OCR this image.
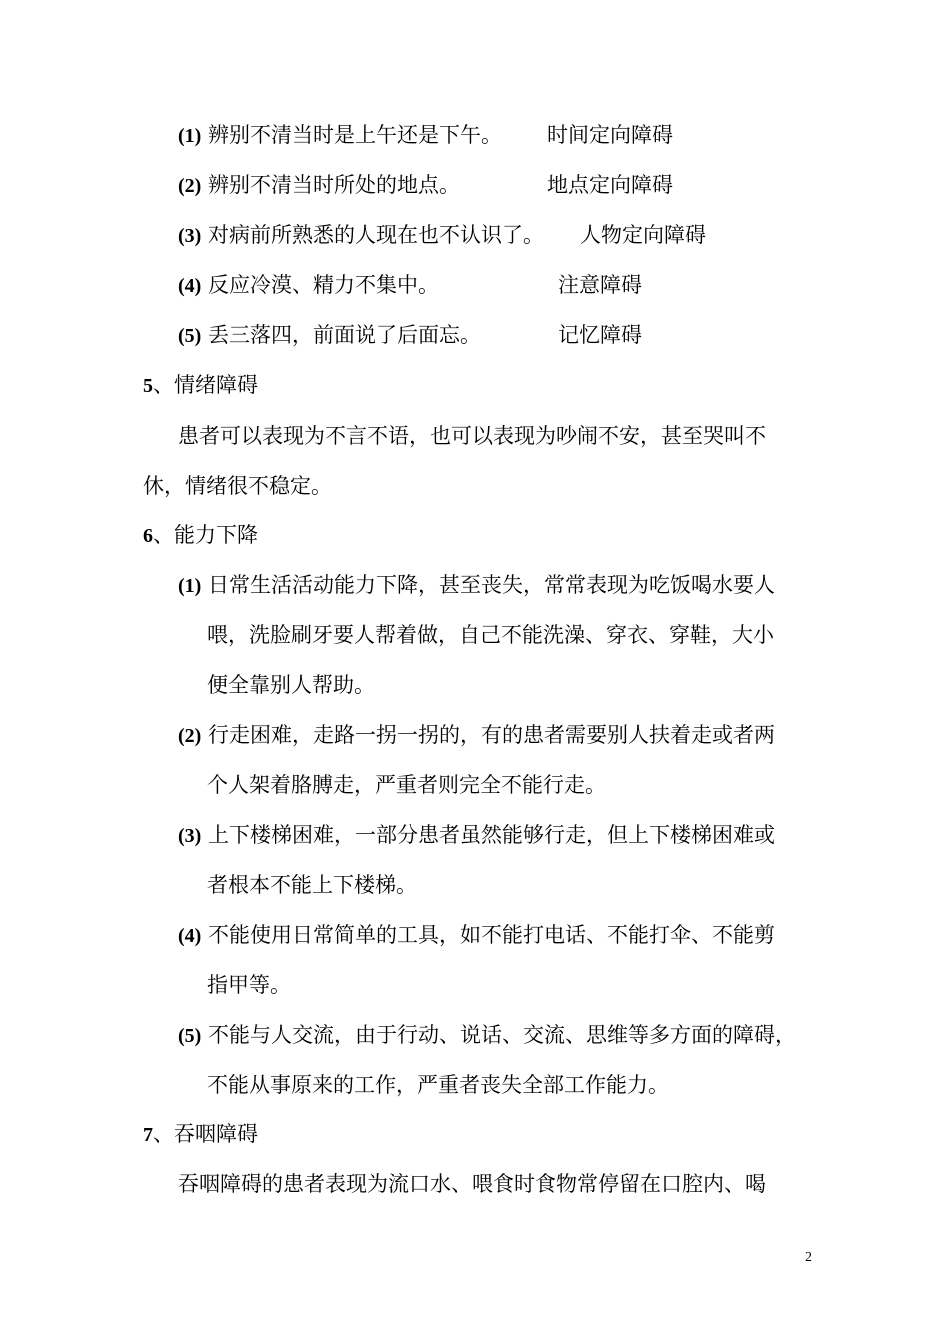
(1) 辨别不清当时是上午还是下午。 时间定向障碍
(2) 辨别不清当时所处的地点。	地点定向障碍
(3) 对病前所熟悉的人现在也不认识了。 人物定向障碍
(4) 反应冷漠、精力不集中。	注意障碍
(5) 丢三落四，前面说了后面忘。	记忆障碍
5、情绪障碍
患者可以表现为不言不语，也可以表现为吵闹不安，甚至哭叫不
休，情绪很不稳定。
6、能力下降
(1) 日常生活活动能力下降，甚至丧失，常常表现为吃饭喝水要人
喂，洗脸刷牙要人帮着做，自己不能洗澡、穿衣、穿鞋，大小
便全靠别人帮助。
(2) 行走困难，走路一拐一拐的，有的患者需要别人扶着走或者两
个人架着胳膊走，严重者则完全不能行走。
(3) 上下楼梯困难，一部分患者虽然能够行走，但上下楼梯困难或
者根本不能上下楼梯。
(4) 不能使用日常简单的工具，如不能打电话、不能打伞、不能剪
指甲等。
(5) 不能与人交流，由于行动、说话、交流、思维等多方面的障碍，
不能从事原来的工作，严重者丧失全部工作能力。
7、吞咽障碍
吞咽障碍的患者表现为流口水、喂食时食物常停留在口腔内、喝
2
